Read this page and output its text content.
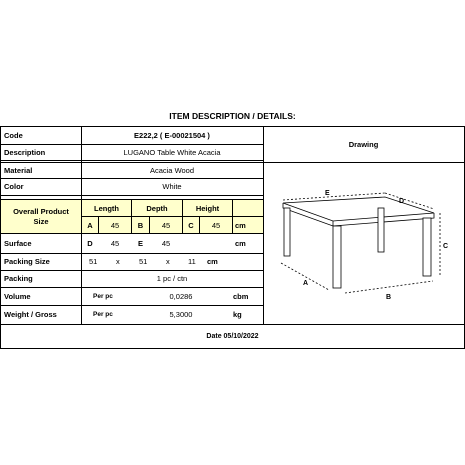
ITEM DESCRIPTION / DETAILS:
Code	E222,2 ( E-00021504 )
Description	LUGANO Table White Acacia
Material	Acacia Wood
Color	White
Overall Product Size
Length	Depth	Height
A	45	B	45	C	45	cm
Surface	D	45	E	45	cm
Packing Size	51 x	51 x 11 cm
Packing	1 pc / ctn
Volume	Per pc	0,0286	cbm
Weight / Gross	Per pc	5,3000	kg
Drawing
E
D
C
B
A
Date 05/10/2022
